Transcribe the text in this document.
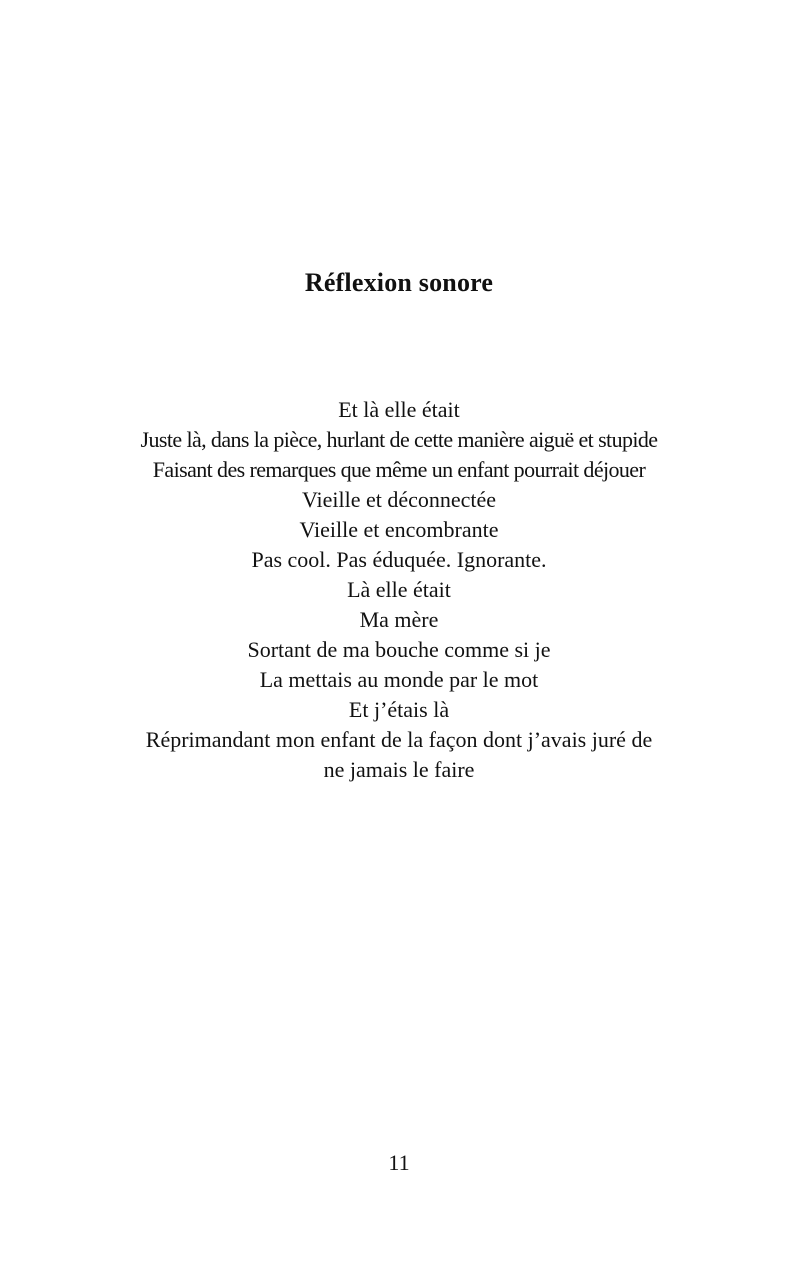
Réflexion sonore
Et là elle était
Juste là, dans la pièce, hurlant de cette manière aiguë et stupide
Faisant des remarques que même un enfant pourrait déjouer
Vieille et déconnectée
Vieille et encombrante
Pas cool. Pas éduquée. Ignorante.
Là elle était
Ma mère
Sortant de ma bouche comme si je
La mettais au monde par le mot
Et j’étais là
Réprimandant mon enfant de la façon dont j’avais juré de
ne jamais le faire
11
